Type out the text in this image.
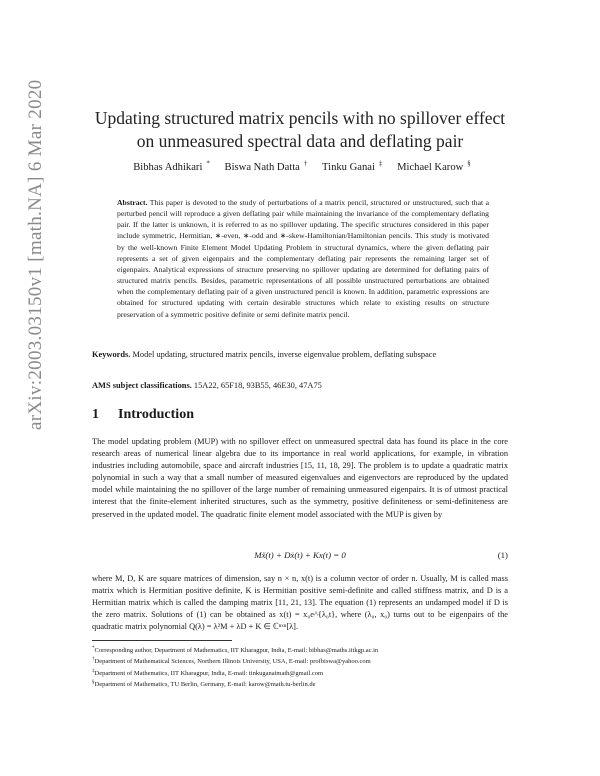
arXiv:2003.03150v1 [math.NA] 6 Mar 2020	Updating structured matrix pencils with no spillover effect on unmeasured spectral data and deflating pair
Bibhas Adhikari * Biswa Nath Datta † Tinku Ganai ‡ Michael Karow §
Abstract. This paper is devoted to the study of perturbations of a matrix pencil, structured or unstructured, such that a perturbed pencil will reproduce a given deflating pair while maintaining the invariance of the complementary deflating pair. If the latter is unknown, it is referred to as no spillover updating. The specific structures considered in this paper include symmetric, Hermitian, ∗-even, ∗-odd and ∗-skew-Hamiltonian/Hamiltonian pencils. This study is motivated by the well-known Finite Element Model Updating Problem in structural dynamics, where the given deflating pair represents a set of given eigenpairs and the complementary deflating pair represents the remaining larger set of eigenpairs. Analytical expressions of structure preserving no spillover updating are determined for deflating pairs of structured matrix pencils. Besides, parametric representations of all possible unstructured perturbations are obtained when the complementary deflating pair of a given unstructured pencil is known. In addition, parametric expressions are obtained for structured updating with certain desirable structures which relate to existing results on structure preservation of a symmetric positive definite or semi definite matrix pencil.
Keywords. Model updating, structured matrix pencils, inverse eigenvalue problem, deflating subspace
AMS subject classifications. 15A22, 65F18, 93B55, 46E30, 47A75
1 Introduction
The model updating problem (MUP) with no spillover effect on unmeasured spectral data has found its place in the core research areas of numerical linear algebra due to its importance in real world applications, for example, in vibration industries including automobile, space and aircraft industries [15, 11, 18, 29]. The problem is to update a quadratic matrix polynomial in such a way that a small number of measured eigenvalues and eigenvectors are reproduced by the updated model while maintaining the no spillover of the large number of remaining unmeasured eigenpairs. It is of utmost practical interest that the finite-element inherited structures, such as the symmetry, positive definiteness or semi-definiteness are preserved in the updated model. The quadratic finite element model associated with the MUP is given by
Mẍ(t) + Dẋ(t) + Kx(t) = 0	(1)
where M, D, K are square matrices of dimension, say n × n, x(t) is a column vector of order n. Usually, M is called mass matrix which is Hermitian positive definite, K is Hermitian positive semi-definite and called stiffness matrix, and D is a Hermitian matrix which is called the damping matrix [11, 21, 13]. The equation (1) represents an undamped model if D is the zero matrix. Solutions of (1) can be obtained as x(t) = x₀e^{λ₀t}, where (λ₀, x₀) turns out to be eigenpairs of the quadratic matrix polynomial Q(λ) = λ²M + λD + K ∈ ℂⁿˣⁿ[λ].
*Corresponding author, Department of Mathematics, IIT Kharagpur, India, E-mail: bibhas@maths.iitkgp.ac.in
†Department of Mathematical Sciences, Northern Illinois University, USA, E-mail: profbiswa@yahoo.com
‡Department of Mathematics, IIT Kharagpur, India, E-mail: tinkuganaimath@gmail.com
§Department of Mathematics, TU Berlin, Germany, E-mail: karow@math.tu-berlin.de
